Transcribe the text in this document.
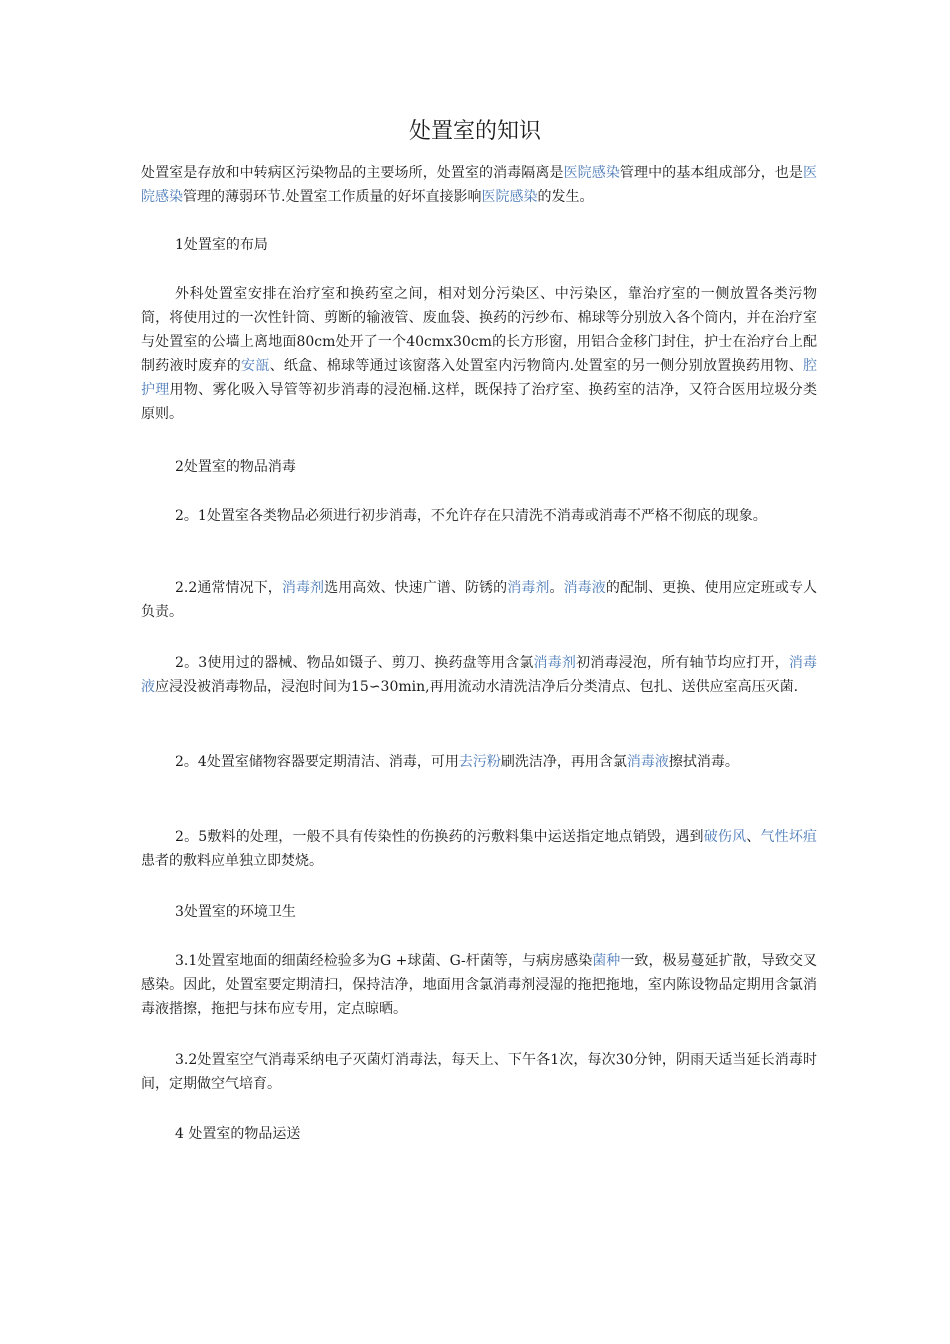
处置室的知识

处置室是存放和中转病区污染物品的主要场所，处置室的消毒隔离是医院感染管理中的基本组成部分，也是医院感染管理的薄弱环节.处置室工作质量的好坏直接影响医院感染的发生。

1处置室的布局

外科处置室安排在治疗室和换药室之间，相对划分污染区、中污染区，靠治疗室的一侧放置各类污物筒，将使用过的一次性针筒、剪断的输液管、废血袋、换药的污纱布、棉球等分别放入各个筒内，并在治疗室与处置室的公墙上离地面80cm处开了一个40cmx30cm的长方形窗，用铝合金移门封住，护士在治疗台上配制药液时废弃的安瓿、纸盒、棉球等通过该窗落入处置室内污物筒内.处置室的另一侧分别放置换药用物、腔护理用物、雾化吸入导管等初步消毒的浸泡桶.这样，既保持了治疗室、换药室的洁净，又符合医用垃圾分类原则。

2处置室的物品消毒

2。1处置室各类物品必须进行初步消毒，不允许存在只清洗不消毒或消毒不严格不彻底的现象。

2.2通常情况下，消毒剂选用高效、快速广谱、防锈的消毒剂。消毒液的配制、更换、使用应定班或专人负责。

2。3使用过的器械、物品如镊子、剪刀、换药盘等用含氯消毒剂初消毒浸泡，所有轴节均应打开，消毒液应浸没被消毒物品，浸泡时间为15∽30min,再用流动水清洗洁净后分类清点、包扎、送供应室高压灭菌.

2。4处置室储物容器要定期清洁、消毒，可用去污粉刷洗洁净，再用含氯消毒液擦拭消毒。

2。5敷料的处理，一般不具有传染性的伤换药的污敷料集中运送指定地点销毁，遇到破伤风、气性坏疽患者的敷料应单独立即焚烧。

3处置室的环境卫生

3.1处置室地面的细菌经检验多为G +球菌、G-杆菌等，与病房感染菌种一致，极易蔓延扩散，导致交叉感染。因此，处置室要定期清扫，保持洁净，地面用含氯消毒剂浸湿的拖把拖地，室内陈设物品定期用含氯消毒液揩擦，拖把与抹布应专用，定点晾晒。

3.2处置室空气消毒采纳电子灭菌灯消毒法，每天上、下午各1次，每次30分钟，阴雨天适当延长消毒时间，定期做空气培育。

4 处置室的物品运送
